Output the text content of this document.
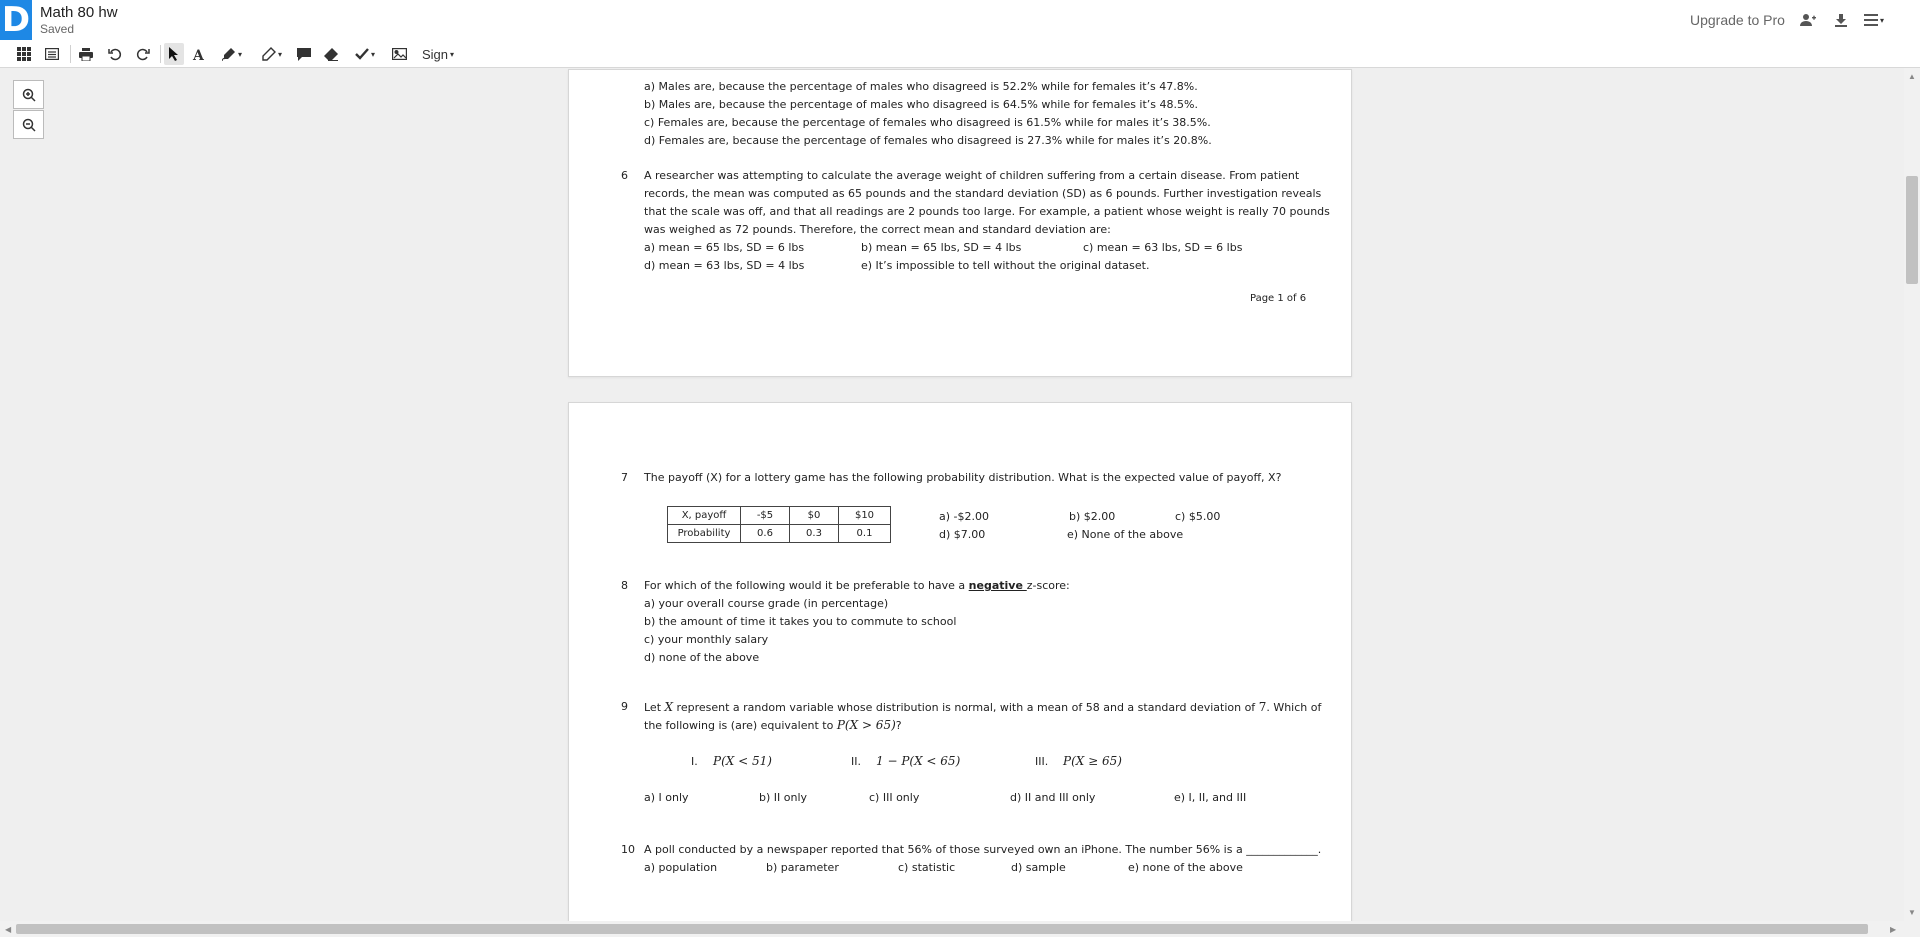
D Math 80 hw
Saved
Upgrade to Pro	▾
A	▾	▾	▾	Sign ▾
a) Males are, because the percentage of males who disagreed is 52.2% while for females it’s 47.8%.
b) Males are, because the percentage of males who disagreed is 64.5% while for females it’s 48.5%.
c) Females are, because the percentage of females who disagreed is 61.5% while for males it’s 38.5%.
d) Females are, because the percentage of females who disagreed is 27.3% while for males it’s 20.8%.
6 A researcher was attempting to calculate the average weight of children suffering from a certain disease. From patient
records, the mean was computed as 65 pounds and the standard deviation (SD) as 6 pounds. Further investigation reveals
that the scale was off, and that all readings are 2 pounds too large. For example, a patient whose weight is really 70 pounds
was weighed as 72 pounds. Therefore, the correct mean and standard deviation are:
a) mean = 65 lbs, SD = 6 lbs	b) mean = 65 lbs, SD = 4 lbs	c) mean = 63 lbs, SD = 6 lbs
d) mean = 63 lbs, SD = 4 lbs	e) It’s impossible to tell without the original dataset.
Page 1 of 6
7 The payoff (X) for a lottery game has the following probability distribution. What is the expected value of payoff, X?
X, payoff	-$5	$0	$10
Probability	0.6	0.3	0.1
a) -$2.00	b) $2.00	c) $5.00
d) $7.00	e) None of the above
8 For which of the following would it be preferable to have a negative z-score:
a) your overall course grade (in percentage)
b) the amount of time it takes you to commute to school
c) your monthly salary
d) none of the above
9 Let X represent a random variable whose distribution is normal, with a mean of 58 and a standard deviation of 7. Which of
the following is (are) equivalent to P(X > 65)?
I. P(X < 51)	II. 1 − P(X < 65)	III. P(X ≥ 65)
a) I only	b) II only	c) III only	d) II and III only	e) I, II, and III
10 A poll conducted by a newspaper reported that 56% of those surveyed own an iPhone. The number 56% is a _____________.
a) population	b) parameter	c) statistic	d) sample	e) none of the above
▲
▼
◀	▶
